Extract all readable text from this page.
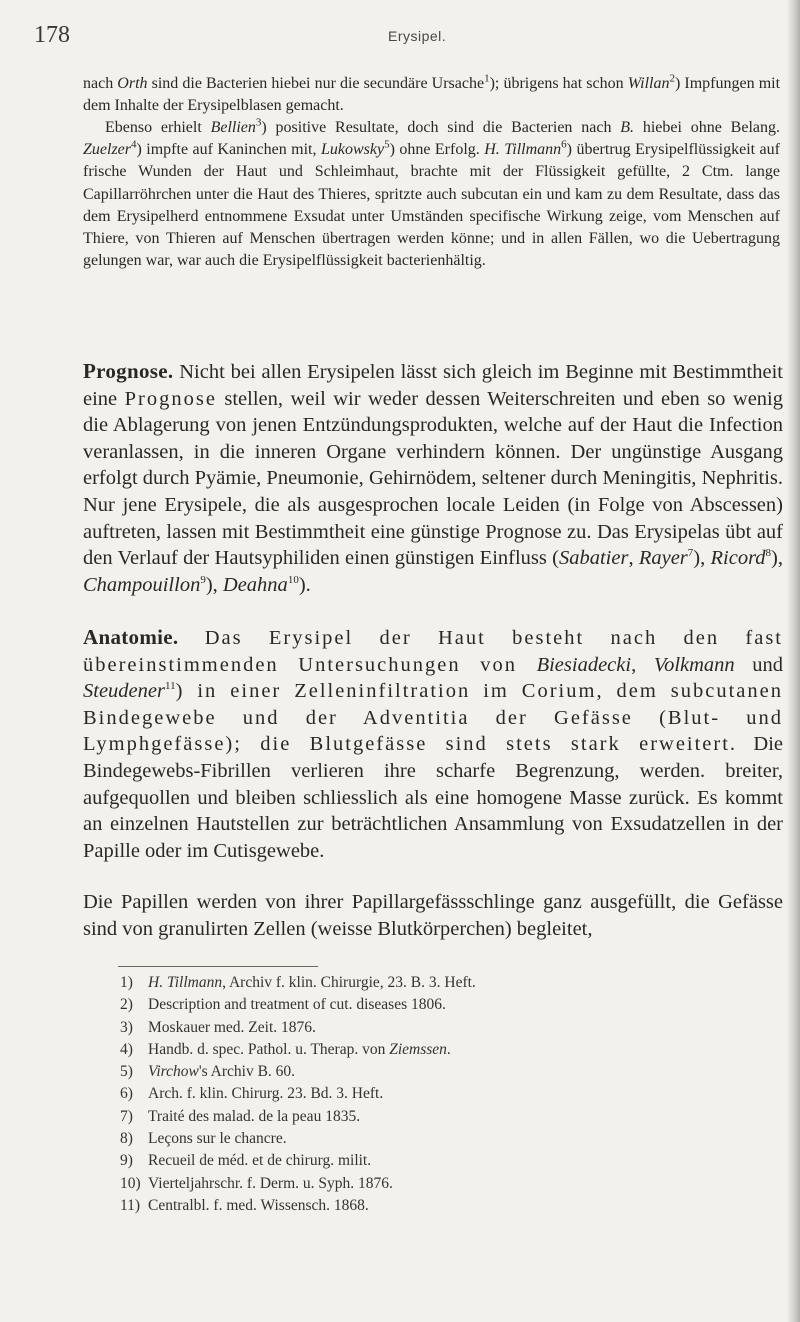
178	Erysipel.
nach Orth sind die Bacterien hiebei nur die secundäre Ursache$^1$); übrigens hat schon Willan$^2$) Impfungen mit dem Inhalte der Erysipelblasen gemacht.
Ebenso erhielt Bellien$^3$) positive Resultate, doch sind die Bacterien nach B. hiebei ohne Belang. Zuelzer$^4$) impfte auf Kaninchen mit, Lukowsky$^5$) ohne Erfolg. H. Tillmann$^6$) übertrug Erysipelflüssigkeit auf frische Wunden der Haut und Schleimhaut, brachte mit der Flüssigkeit gefüllte, 2 Ctm. lange Capillarröhrchen unter die Haut des Thieres, spritzte auch subcutan ein und kam zu dem Resultate, dass das dem Erysipelherd entnommene Exsudat unter Umständen specifische Wirkung zeige, vom Menschen auf Thiere, von Thieren auf Menschen übertragen werden könne; und in allen Fällen, wo die Uebertragung gelungen war, war auch die Erysipelflüssigkeit bacterienhältig.
Prognose. Nicht bei allen Erysipelen lässt sich gleich im Beginne mit Bestimmtheit eine Prognose stellen, weil wir weder dessen Weiterschreiten und eben so wenig die Ablagerung von jenen Entzündungsprodukten, welche auf der Haut die Infection veranlassen, in die inneren Organe verhindern können. Der ungünstige Ausgang erfolgt durch Pyämie, Pneumonie, Gehirnödem, seltener durch Meningitis, Nephritis. Nur jene Erysipele, die als ausgesprochen locale Leiden (in Folge von Abscessen) auftreten, lassen mit Bestimmtheit eine günstige Prognose zu. Das Erysipelas übt auf den Verlauf der Hautsyphiliden einen günstigen Einfluss (Sabatier, Rayer$^7$), Ricord$^8$), Champouillon$^9$), Deahna$^{10}$).
Anatomie. Das Erysipel der Haut besteht nach den fast übereinstimmenden Untersuchungen von Biesiadecki, Volkmann und Steudener$^{11}$) in einer Zelleninfiltration im Corium, dem subcutanen Bindegewebe und der Adventitia der Gefässe (Blut- und Lymphgefässe); die Blutgefässe sind stets stark erweitert. Die Bindegewebs-Fibrillen verlieren ihre scharfe Begrenzung, werden. breiter, aufgequollen und bleiben schliesslich als eine homogene Masse zurück. Es kommt an einzelnen Hautstellen zur beträchtlichen Ansammlung von Exsudatzellen in der Papille oder im Cutisgewebe.
Die Papillen werden von ihrer Papillargefässschlinge ganz ausgefüllt, die Gefässe sind von granulirten Zellen (weisse Blutkörperchen) begleitet,
1) H. Tillmann, Archiv f. klin. Chirurgie, 23. B. 3. Heft.
2) Description and treatment of cut. diseases 1806.
3) Moskauer med. Zeit. 1876.
4) Handb. d. spec. Pathol. u. Therap. von Ziemssen.
5) Virchow's Archiv B. 60.
6) Arch. f. klin. Chirurg. 23. Bd. 3. Heft.
7) Traité des malad. de la peau 1835.
8) Leçons sur le chancre.
9) Recueil de méd. et de chirurg. milit.
10) Vierteljahrschr. f. Derm. u. Syph. 1876.
11) Centralbl. f. med. Wissensch. 1868.
